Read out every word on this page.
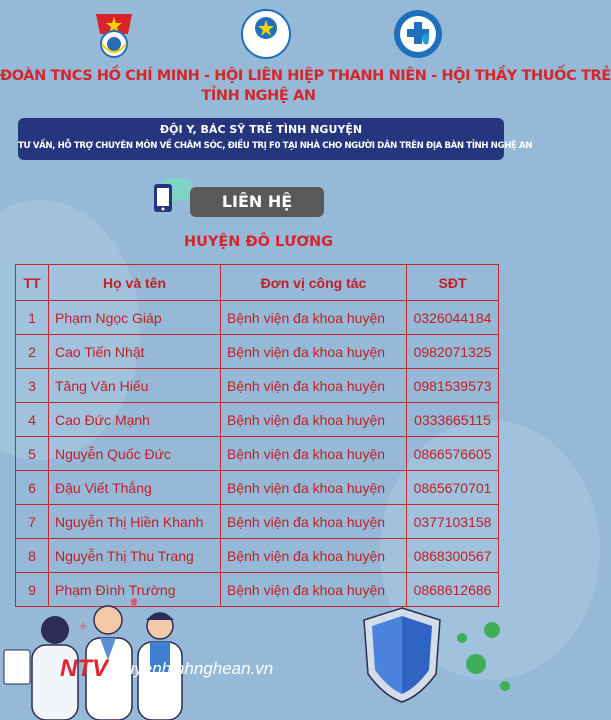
ĐOÀN TNCS HỒ CHÍ MINH - HỘI LIÊN HIỆP THANH NIÊN - HỘI THẦY THUỐC TRẺ
TỈNH NGHỆ AN
ĐỘI Y, BÁC SỸ TRẺ TÌNH NGUYỆN
TƯ VẤN, HỖ TRỢ CHUYÊN MÔN VỀ CHĂM SÓC, ĐIỀU TRỊ F0 TẠI NHÀ CHO NGƯỜI DÂN TRÊN ĐỊA BÀN TỈNH NGHỆ AN
LIÊN HỆ
HUYỆN ĐÔ LƯƠNG
TT	Họ và tên	Đơn vị công tác	SĐT
1	Phạm Ngọc Giáp	Bệnh viện đa khoa huyện	0326044184
2	Cao Tiến Nhật	Bệnh viện đa khoa huyện	0982071325
3	Tăng Văn Hiếu	Bệnh viện đa khoa huyện	0981539573
4	Cao Đức Mạnh	Bệnh viện đa khoa huyện	0333665115
5	Nguyễn Quốc Đức	Bệnh viện đa khoa huyện	0866576605
6	Đậu Viết Thắng	Bệnh viện đa khoa huyện	0865670701
7	Nguyễn Thị Hiền Khanh	Bệnh viện đa khoa huyện	0377103158
8	Nguyễn Thị Thu Trang	Bệnh viện đa khoa huyện	0868300567
9	Phạm Đình Trường	Bệnh viện đa khoa huyện	0868612686
+
NTV truyenhinhnghean.vn
